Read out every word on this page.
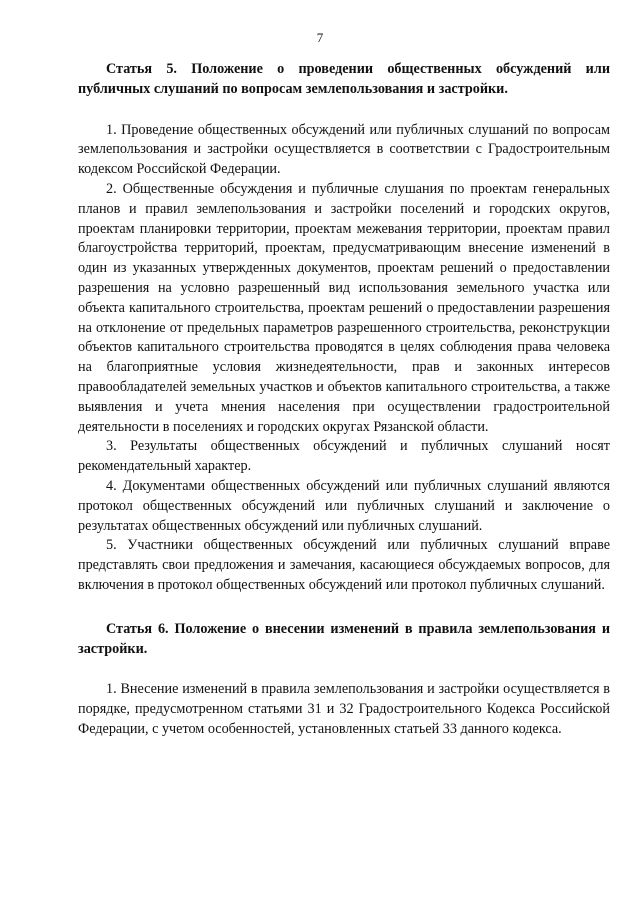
7

Статья 5. Положение о проведении общественных обсуждений или публичных слушаний по вопросам землепользования и застройки.

1. Проведение общественных обсуждений или публичных слушаний по вопросам землепользования и застройки осуществляется в соответствии с Градостроительным кодексом Российской Федерации.

2. Общественные обсуждения и публичные слушания по проектам генеральных планов и правил землепользования и застройки поселений и городских округов, проектам планировки территории, проектам межевания территории, проектам правил благоустройства территорий, проектам, предусматривающим внесение изменений в один из указанных утвержденных документов, проектам решений о предоставлении разрешения на условно разрешенный вид использования земельного участка или объекта капитального строительства, проектам решений о предоставлении разрешения на отклонение от предельных параметров разрешенного строительства, реконструкции объектов капитального строительства проводятся в целях соблюдения права человека на благоприятные условия жизнедеятельности, прав и законных интересов правообладателей земельных участков и объектов капитального строительства, а также выявления и учета мнения населения при осуществлении градостроительной деятельности в поселениях и городских округах Рязанской области.

3. Результаты общественных обсуждений и публичных слушаний носят рекомендательный характер.

4. Документами общественных обсуждений или публичных слушаний являются протокол общественных обсуждений или публичных слушаний и заключение о результатах общественных обсуждений или публичных слушаний.

5. Участники общественных обсуждений или публичных слушаний вправе представлять свои предложения и замечания, касающиеся обсуждаемых вопросов, для включения в протокол общественных обсуждений или протокол публичных слушаний.

Статья 6. Положение о внесении изменений в правила землепользования и застройки.

1. Внесение изменений в правила землепользования и застройки осуществляется в порядке, предусмотренном статьями 31 и 32 Градостроительного Кодекса Российской Федерации, с учетом особенностей, установленных статьей 33 данного кодекса.
